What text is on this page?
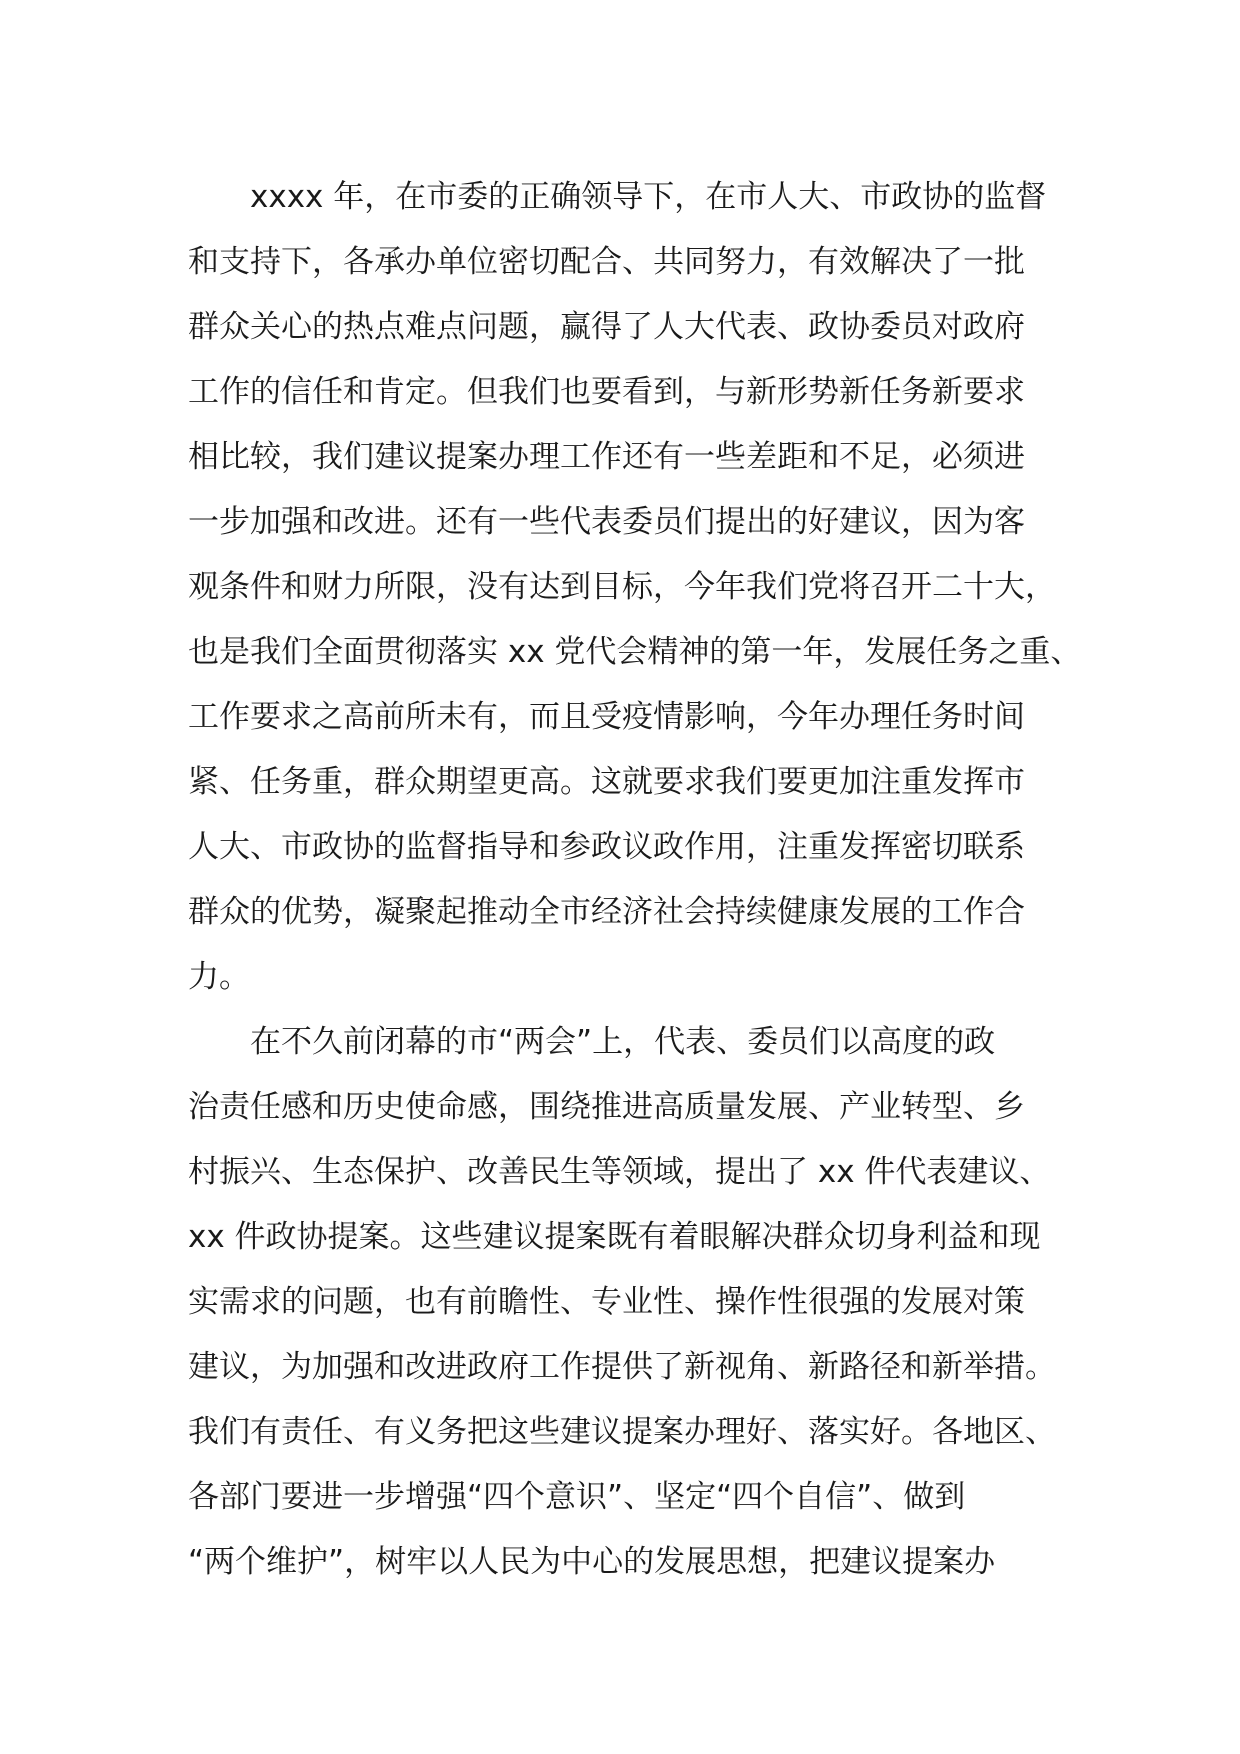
xxxx 年，在市委的正确领导下，在市人大、市政协的监督
和支持下，各承办单位密切配合、共同努力，有效解决了一批
群众关心的热点难点问题，赢得了人大代表、政协委员对政府
工作的信任和肯定。但我们也要看到，与新形势新任务新要求
相比较，我们建议提案办理工作还有一些差距和不足，必须进
一步加强和改进。还有一些代表委员们提出的好建议，因为客
观条件和财力所限，没有达到目标，今年我们党将召开二十大，
也是我们全面贯彻落实 xx 党代会精神的第一年，发展任务之重、
工作要求之高前所未有，而且受疫情影响，今年办理任务时间
紧、任务重，群众期望更高。这就要求我们要更加注重发挥市
人大、市政协的监督指导和参政议政作用，注重发挥密切联系
群众的优势，凝聚起推动全市经济社会持续健康发展的工作合
力。
在不久前闭幕的市“两会”上，代表、委员们以高度的政
治责任感和历史使命感，围绕推进高质量发展、产业转型、乡
村振兴、生态保护、改善民生等领域，提出了 xx 件代表建议、
xx 件政协提案。这些建议提案既有着眼解决群众切身利益和现
实需求的问题，也有前瞻性、专业性、操作性很强的发展对策
建议，为加强和改进政府工作提供了新视角、新路径和新举措。
我们有责任、有义务把这些建议提案办理好、落实好。各地区、
各部门要进一步增强“四个意识”、坚定“四个自信”、做到
“两个维护”，树牢以人民为中心的发展思想，把建议提案办
